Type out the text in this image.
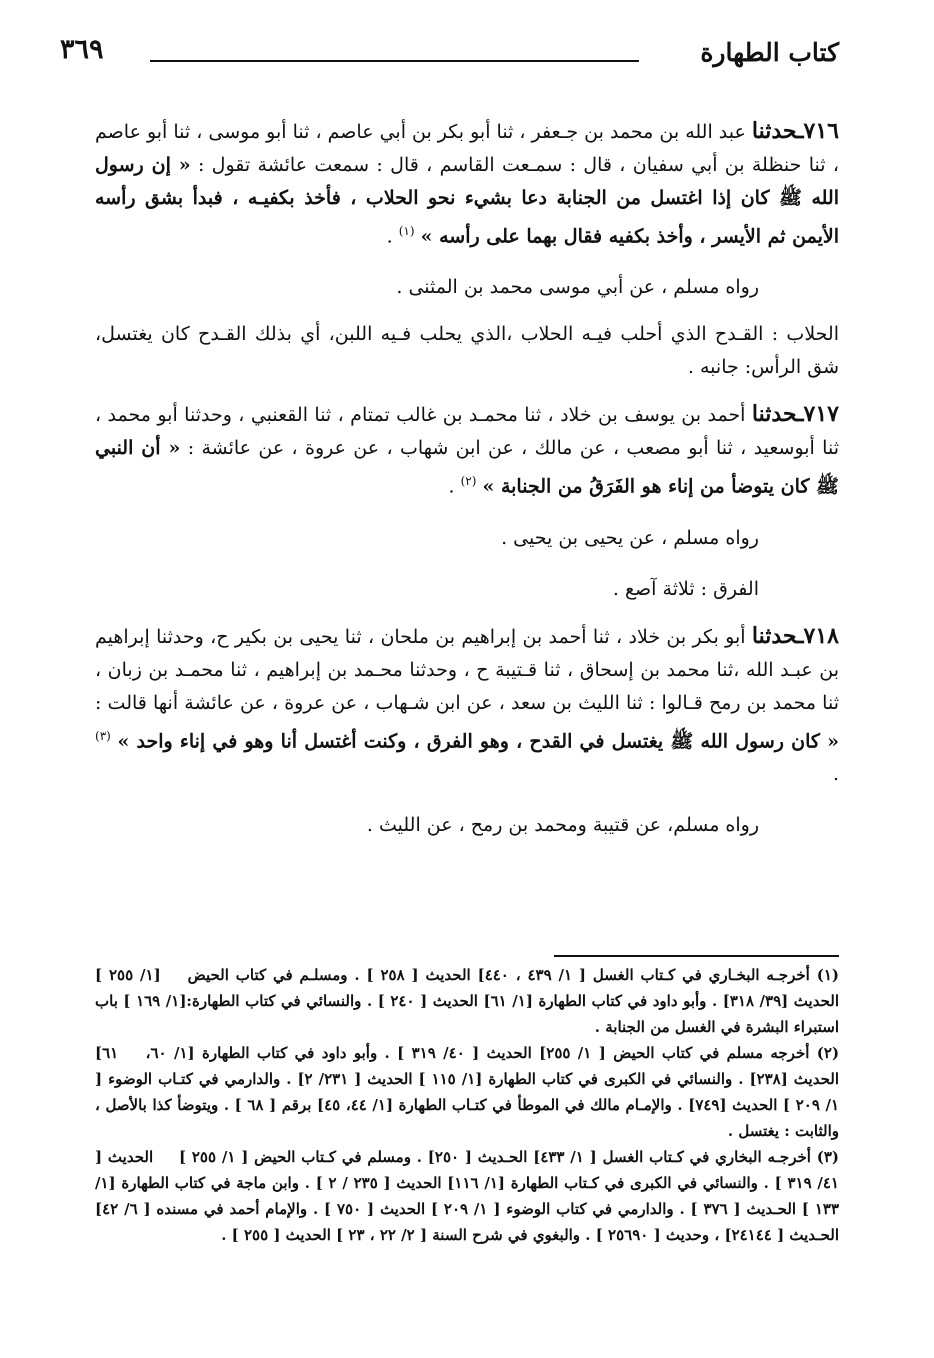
كتاب الطهارة
٣٦٩

٧١٦ـحدثنا عبد الله بن محمد بن جـعفر ، ثنا أبو بكر بن أبي عاصم ، ثنا أبو موسى ، ثنا أبو عاصم ، ثنا حنظلة بن أبي سفيان ، قال : سمـعت القاسم ، قال : سمعت عائشة تقول : « إن رسول الله ﷺ كان إذا اغتسل من الجنابة دعا بشيء نحو الحلاب ، فأخذ بكفيـه ، فبدأ بشق رأسه الأيمن ثم الأيسر ، وأخذ بكفيه فقال بهما على رأسه » $^{(١)}$ .

رواه مسلم ، عن أبي موسى محمد بن المثنى .

الحلاب : القـدح الذي أحلب فيـه الحلاب ،الذي يحلب فـيه اللبن، أي بذلك القـدح كان يغتسل، شق الرأس: جانبه .

٧١٧ـحدثنا أحمد بن يوسف بن خلاد ، ثنا محمـد بن غالب تمتام ، ثنا القعنبي ، وحدثنا أبو محمد ، ثنا أبوسعيد ، ثنا أبو مصعب ، عن مالك ، عن ابن شهاب ، عن عروة ، عن عائشة : « أن النبي ﷺ كان يتوضأ من إناء هو الفَرَقُ من الجنابة » $^{(٢)}$ .

رواه مسلم ، عن يحيى بن يحيى .

الفرق : ثلاثة آصع .

٧١٨ـحدثنا أبو بكر بن خلاد ، ثنا أحمد بن إبراهيم بن ملحان ، ثنا يحيى بن بكير ح، وحدثنا إبراهيم بن عبـد الله ،ثنا محمد بن إسحاق ، ثنا قـتيبة ح ، وحدثنا محـمد بن إبراهيم ، ثنا محمـد بن زبان ، ثنا محمد بن رمح قـالوا : ثنا الليث بن سعد ، عن ابن شـهاب ، عن عروة ، عن عائشة أنها قالت : « كان رسول الله ﷺ يغتسل في القدح ، وهو الفرق ، وكنت أغتسل أنا وهو في إناء واحد » $^{(٣)}$ .

رواه مسلم، عن قتيبة ومحمد بن رمح ، عن الليث .

(١) أخرجـه البخـاري في كـتاب الغسل [ ١/ ٤٣٩ ، ٤٤٠] الحديث [ ٢٥٨ ] . ومسلـم في كتاب الحيض [١/ ٢٥٥ ] الحديث [٣٩/ ٣١٨] . وأبو داود في كتاب الطهارة [١/ ٦١] الحديث [ ٢٤٠ ] . والنسائي في كتاب الطهارة:[١/ ١٦٩ ] باب استبراء البشرة في الغسل من الجنابة .

(٢) أخرجه مسلم في كتاب الحيض [ ١/ ٢٥٥] الحديث [ ٤٠/ ٣١٩ ] . وأبو داود في كتاب الطهارة [١/ ٦٠، ٦١] الحديث [٢٣٨] . والنسائي في الكبرى في كتاب الطهارة [١/ ١١٥ ] الحديث [ ٢٣١/ ٢] . والدارمي في كتـاب الوضوء [ ١/ ٢٠٩ ] الحديث [٧٤٩] . والإمـام مالك في الموطأ في كتـاب الطهارة [١/ ٤٤، ٤٥] برقم [ ٦٨ ] . ويتوضأ كذا بالأصل ، والثابت : يغتسل .

(٣) أخرجـه البخاري في كـتاب الغسل [ ١/ ٤٣٣] الحـديث [ ٢٥٠] . ومسلم في كـتاب الحيض [ ١/ ٢٥٥ ] الحديث [ ٤١/ ٣١٩ ] . والنسائي في الكبرى في كـتاب الطهارة [١/ ١١٦] الحديث [ ٢٣٥ / ٢ ] . وابن ماجة في كتاب الطهارة [١/ ١٣٣ ] الحـديث [ ٣٧٦ ] . والدارمي في كتاب الوضوء [ ١/ ٢٠٩ ] الحديث [ ٧٥٠ ] . والإمام أحمد في مسنده [ ٦/ ٤٢] الحـديث [ ٢٤١٤٤] ، وحديث [ ٢٥٦٩٠ ] . والبغوي في شرح السنة [ ٢/ ٢٢ ، ٢٣ ] الحديث [ ٢٥٥ ] .
